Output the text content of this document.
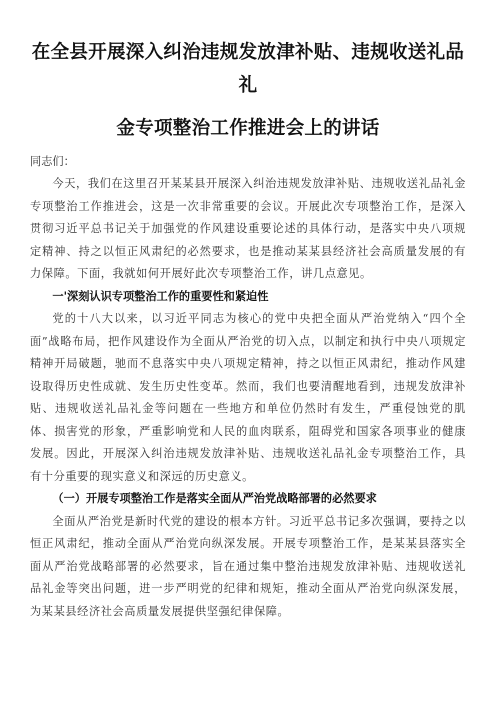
在全县开展深入纠治违规发放津补贴、违规收送礼品礼
金专项整治工作推进会上的讲话
同志们：

今天，我们在这里召开某某县开展深入纠治违规发放津补贴、违规收送礼品礼金专项整治工作推进会，这是一次非常重要的会议。开展此次专项整治工作，是深入贯彻习近平总书记关于加强党的作风建设重要论述的具体行动，是落实中央八项规定精神、持之以恒正风肃纪的必然要求，也是推动某某县经济社会高质量发展的有力保障。下面，我就如何开展好此次专项整治工作，讲几点意见。

一'深刻认识专项整治工作的重要性和紧迫性

党的十八大以来，以习近平同志为核心的党中央把全面从严治党纳入“四个全面”战略布局，把作风建设作为全面从严治党的切入点，以制定和执行中央八项规定精神开局破题，驰而不息落实中央八项规定精神，持之以恒正风肃纪，推动作风建设取得历史性成就、发生历史性变革。然而，我们也要清醒地看到，违规发放津补贴、违规收送礼品礼金等问题在一些地方和单位仍然时有发生，严重侵蚀党的肌体、损害党的形象，严重影响党和人民的血肉联系，阻碍党和国家各项事业的健康发展。因此，开展深入纠治违规发放津补贴、违规收送礼品礼金专项整治工作，具有十分重要的现实意义和深远的历史意义。

（一）开展专项整治工作是落实全面从严治党战略部署的必然要求

全面从严治党是新时代党的建设的根本方针。习近平总书记多次强调，要持之以恒正风肃纪，推动全面从严治党向纵深发展。开展专项整治工作，是某某县落实全面从严治党战略部署的必然要求，旨在通过集中整治违规发放津补贴、违规收送礼品礼金等突出问题，进一步严明党的纪律和规矩，推动全面从严治党向纵深发展，为某某县经济社会高质量发展提供坚强纪律保障。
